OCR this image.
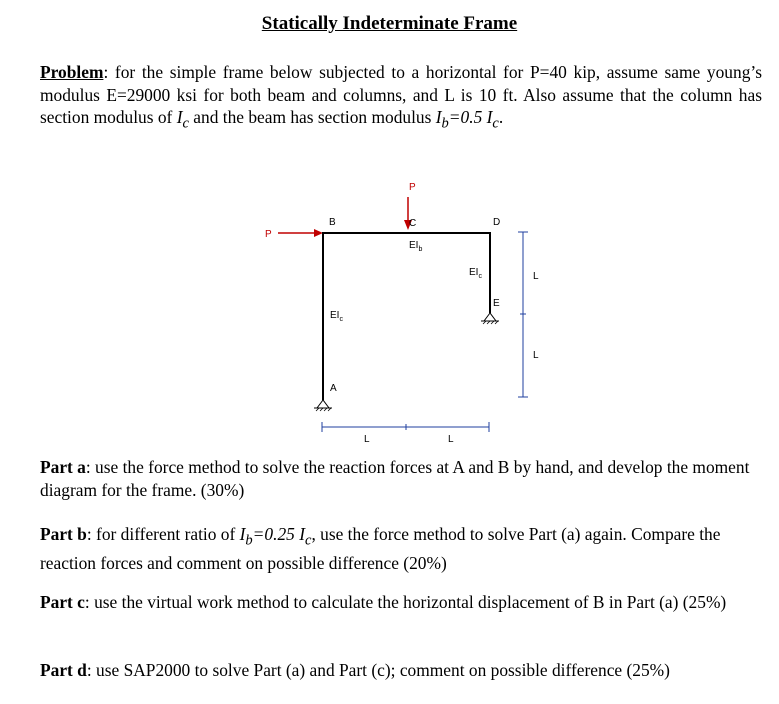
Statically Indeterminate Frame
Problem: for the simple frame below subjected to a horizontal for P=40 kip, assume same young’s modulus E=29000 ksi for both beam and columns, and L is 10 ft. Also assume that the column has section modulus of $I_c$ and the beam has section modulus $I_b=0.5$ $I_c$.
P
P
B	C	D
E
A
$EI_b$
$EI_c$
$EI_c$
L
L
L	L
Part a: use the force method to solve the reaction forces at A and B by hand, and develop the moment diagram for the frame. (30%)
Part b: for different ratio of $I_b=0.25$ $I_c$, use the force method to solve Part (a) again. Compare the reaction forces and comment on possible difference (20%)
Part c: use the virtual work method to calculate the horizontal displacement of B in Part (a) (25%)
Part d: use SAP2000 to solve Part (a) and Part (c); comment on possible difference (25%)
